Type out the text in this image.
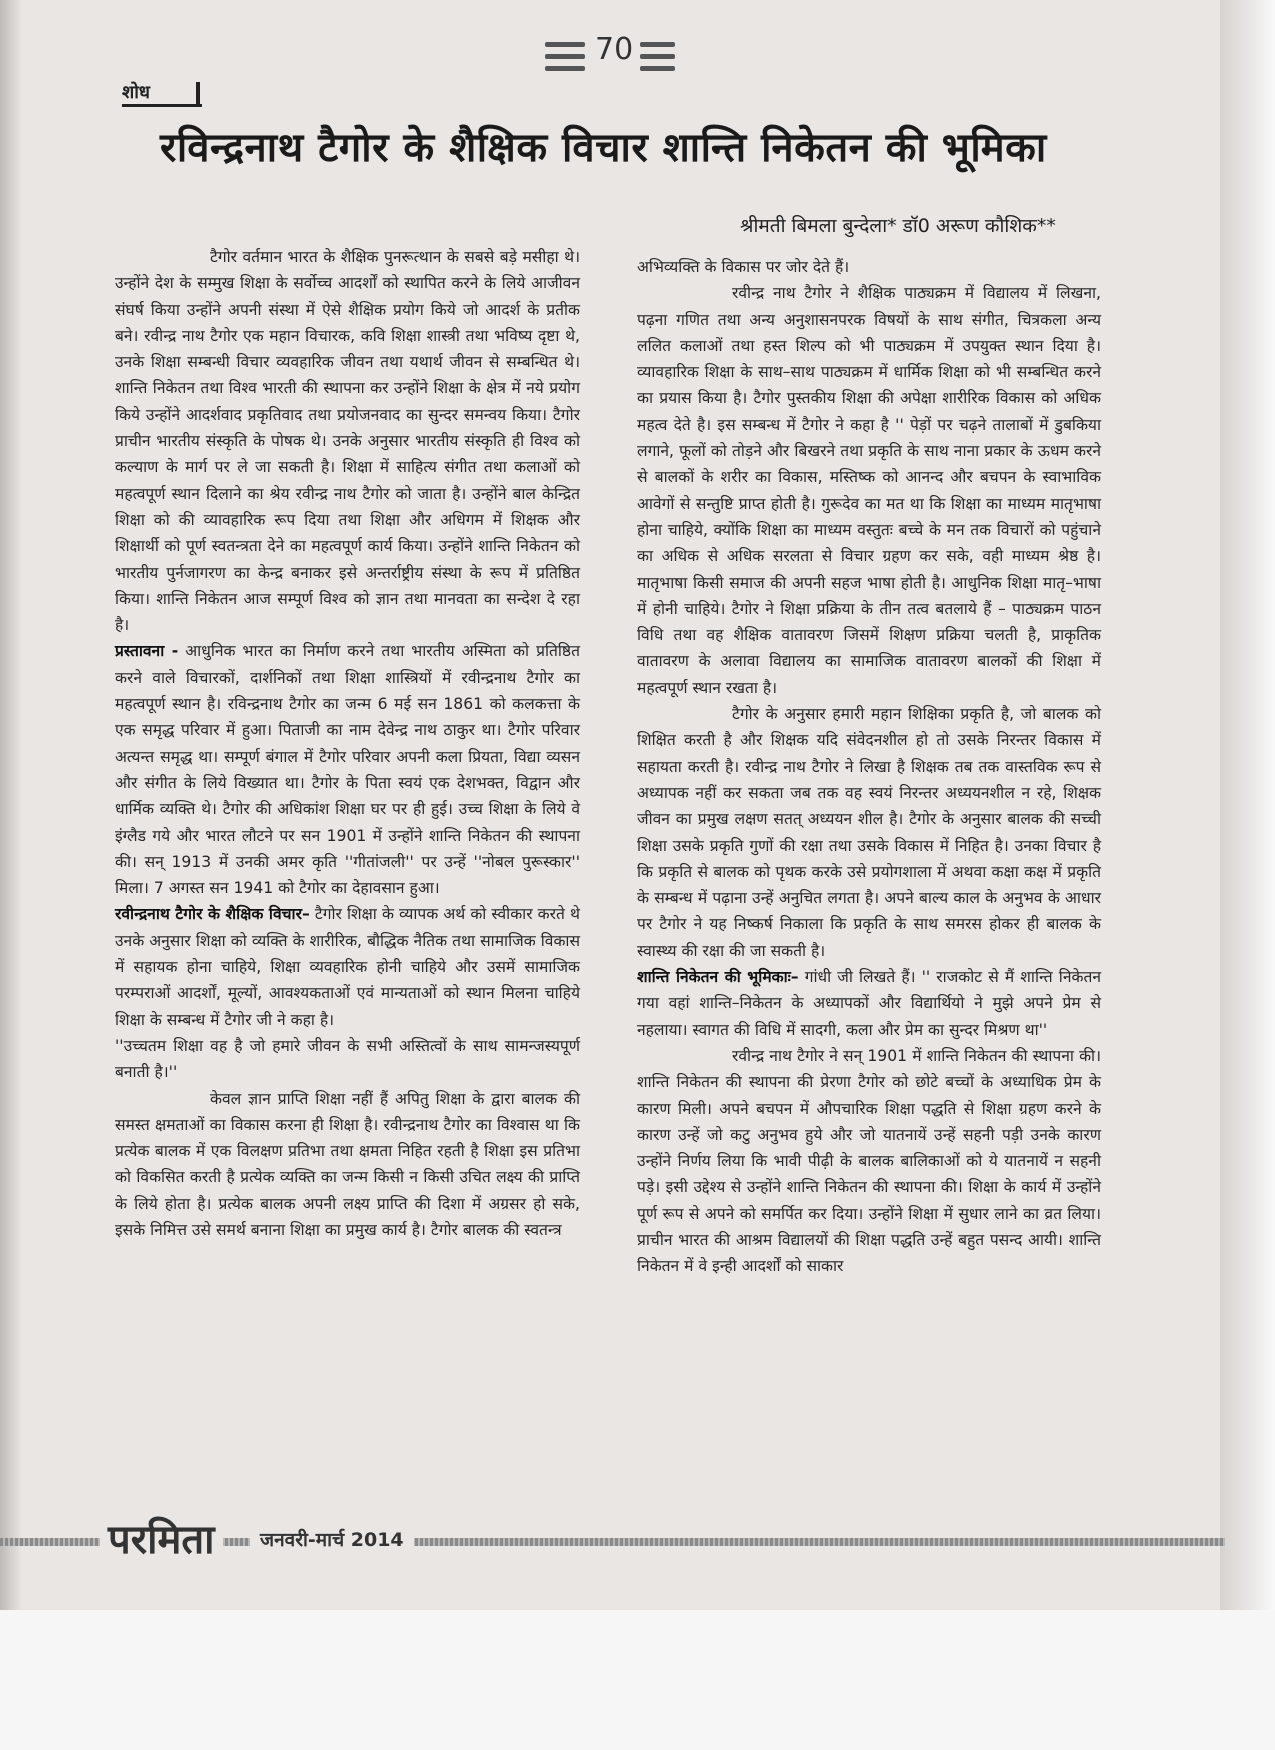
70
शोध
रविन्द्रनाथ टैगोर के शैक्षिक विचार शान्ति निकेतन की भूमिका
श्रीमती बिमला बुन्देला* डॉ0 अरूण कौशिक**

टैगोर वर्तमान भारत के शैक्षिक पुनरूत्थान के सबसे बड़े मसीहा थे। उन्होंने देश के सम्मुख शिक्षा के सर्वोच्च आदर्शों को स्थापित करने के लिये आजीवन संघर्ष किया उन्होंने अपनी संस्था में ऐसे शैक्षिक प्रयोग किये जो आदर्श के प्रतीक बने। रवीन्द्र नाथ टैगोर एक महान विचारक, कवि शिक्षा शास्त्री तथा भविष्य दृष्टा थे, उनके शिक्षा सम्बन्धी विचार व्यवहारिक जीवन तथा यथार्थ जीवन से सम्बन्धित थे। शान्ति निकेतन तथा विश्व भारती की स्थापना कर उन्होंने शिक्षा के क्षेत्र में नये प्रयोग किये उन्होंने आदर्शवाद प्रकृतिवाद तथा प्रयोजनवाद का सुन्दर समन्वय किया। टैगोर प्राचीन भारतीय संस्कृति के पोषक थे। उनके अनुसार भारतीय संस्कृति ही विश्व को कल्याण के मार्ग पर ले जा सकती है। शिक्षा में साहित्य संगीत तथा कलाओं को महत्वपूर्ण स्थान दिलाने का श्रेय रवीन्द्र नाथ टैगोर को जाता है। उन्होंने बाल केन्द्रित शिक्षा को की व्यावहारिक रूप दिया तथा शिक्षा और अधिगम में शिक्षक और शिक्षार्थी को पूर्ण स्वतन्त्रता देने का महत्वपूर्ण कार्य किया। उन्होंने शान्ति निकेतन को भारतीय पुर्नजागरण का केन्द्र बनाकर इसे अन्तर्राष्ट्रीय संस्था के रूप में प्रतिष्ठित किया। शान्ति निकेतन आज सम्पूर्ण विश्व को ज्ञान तथा मानवता का सन्देश दे रहा है।

प्रस्तावना - आधुनिक भारत का निर्माण करने तथा भारतीय अस्मिता को प्रतिष्ठित करने वाले विचारकों, दार्शनिकों तथा शिक्षा शास्त्रियों में रवीन्द्रनाथ टैगोर का महत्वपूर्ण स्थान है। रविन्द्रनाथ टैगोर का जन्म 6 मई सन 1861 को कलकत्ता के एक समृद्ध परिवार में हुआ। पिताजी का नाम देवेन्द्र नाथ ठाकुर था। टैगोर परिवार अत्यन्त समृद्ध था। सम्पूर्ण बंगाल में टैगोर परिवार अपनी कला प्रियता, विद्या व्यसन और संगीत के लिये विख्यात था। टैगोर के पिता स्वयं एक देशभक्त, विद्वान और धार्मिक व्यक्ति थे। टैगोर की अधिकांश शिक्षा घर पर ही हुई। उच्च शिक्षा के लिये वे इंग्लैड गये और भारत लौटने पर सन 1901 में उन्होंने शान्ति निकेतन की स्थापना की। सन् 1913 में उनकी अमर कृति ''गीतांजली'' पर उन्हें ''नोबल पुरूस्कार'' मिला। 7 अगस्त सन 1941 को टैगोर का देहावसान हुआ।

रवीन्द्रनाथ टैगोर के शैक्षिक विचार– टैगोर शिक्षा के व्यापक अर्थ को स्वीकार करते थे उनके अनुसार शिक्षा को व्यक्ति के शारीरिक, बौद्धिक नैतिक तथा सामाजिक विकास में सहायक होना चाहिये, शिक्षा व्यवहारिक होनी चाहिये और उसमें सामाजिक परम्पराओं आदर्शों, मूल्यों, आवश्यकताओं एवं मान्यताओं को स्थान मिलना चाहिये शिक्षा के सम्बन्ध में टैगोर जी ने कहा है।

''उच्चतम शिक्षा वह है जो हमारे जीवन के सभी अस्तित्वों के साथ सामन्जस्यपूर्ण बनाती है।''

केवल ज्ञान प्राप्ति शिक्षा नहीं हैं अपितु शिक्षा के द्वारा बालक की समस्त क्षमताओं का विकास करना ही शिक्षा है। रवीन्द्रनाथ टैगोर का विश्वास था कि प्रत्येक बालक में एक विलक्षण प्रतिभा तथा क्षमता निहित रहती है शिक्षा इस प्रतिभा को विकसित करती है प्रत्येक व्यक्ति का जन्म किसी न किसी उचित लक्ष्य की प्राप्ति के लिये होता है। प्रत्येक बालक अपनी लक्ष्य प्राप्ति की दिशा में अग्रसर हो सके, इसके निमित्त उसे समर्थ बनाना शिक्षा का प्रमुख कार्य है। टैगोर बालक की स्वतन्त्र

अभिव्यक्ति के विकास पर जोर देते हैं।

रवीन्द्र नाथ टैगोर ने शैक्षिक पाठ्यक्रम में विद्यालय में लिखना, पढ़ना गणित तथा अन्य अनुशासनपरक विषयों के साथ संगीत, चित्रकला अन्य ललित कलाओं तथा हस्त शिल्प को भी पाठ्यक्रम में उपयुक्त स्थान दिया है। व्यावहारिक शिक्षा के साथ–साथ पाठ्यक्रम में धार्मिक शिक्षा को भी सम्बन्धित करने का प्रयास किया है। टैगोर पुस्तकीय शिक्षा की अपेक्षा शारीरिक विकास को अधिक महत्व देते है। इस सम्बन्ध में टैगोर ने कहा है '' पेड़ों पर चढ़ने तालाबों में डुबकिया लगाने, फूलों को तोड़ने और बिखरने तथा प्रकृति के साथ नाना प्रकार के ऊधम करने से बालकों के शरीर का विकास, मस्तिष्क को आनन्द और बचपन के स्वाभाविक आवेगों से सन्तुष्टि प्राप्त होती है। गुरूदेव का मत था कि शिक्षा का माध्यम मातृभाषा होना चाहिये, क्योंकि शिक्षा का माध्यम वस्तुतः बच्चे के मन तक विचारों को पहुंचाने का अधिक से अधिक सरलता से विचार ग्रहण कर सके, वही माध्यम श्रेष्ठ है। मातृभाषा किसी समाज की अपनी सहज भाषा होती है। आधुनिक शिक्षा मातृ–भाषा में होनी चाहिये। टैगोर ने शिक्षा प्रक्रिया के तीन तत्व बतलाये हैं – पाठ्यक्रम पाठन विधि तथा वह शैक्षिक वातावरण जिसमें शिक्षण प्रक्रिया चलती है, प्राकृतिक वातावरण के अलावा विद्यालय का सामाजिक वातावरण बालकों की शिक्षा में महत्वपूर्ण स्थान रखता है।

टैगोर के अनुसार हमारी महान शिक्षिका प्रकृति है, जो बालक को शिक्षित करती है और शिक्षक यदि संवेदनशील हो तो उसके निरन्तर विकास में सहायता करती है। रवीन्द्र नाथ टैगोर ने लिखा है शिक्षक तब तक वास्तविक रूप से अध्यापक नहीं कर सकता जब तक वह स्वयं निरन्तर अध्ययनशील न रहे, शिक्षक जीवन का प्रमुख लक्षण सतत् अध्ययन शील है। टैगोर के अनुसार बालक की सच्ची शिक्षा उसके प्रकृति गुणों की रक्षा तथा उसके विकास में निहित है। उनका विचार है कि प्रकृति से बालक को पृथक करके उसे प्रयोगशाला में अथवा कक्षा कक्ष में प्रकृति के सम्बन्ध में पढ़ाना उन्हें अनुचित लगता है। अपने बाल्य काल के अनुभव के आधार पर टैगोर ने यह निष्कर्ष निकाला कि प्रकृति के साथ समरस होकर ही बालक के स्वास्थ्य की रक्षा की जा सकती है।

शान्ति निकेतन की भूमिकाः– गांधी जी लिखते हैं। '' राजकोट से मैं शान्ति निकेतन गया वहां शान्ति–निकेतन के अध्यापकों और विद्यार्थियो ने मुझे अपने प्रेम से नहलाया। स्वागत की विधि में सादगी, कला और प्रेम का सुन्दर मिश्रण था''

रवीन्द्र नाथ टैगोर ने सन् 1901 में शान्ति निकेतन की स्थापना की। शान्ति निकेतन की स्थापना की प्रेरणा टैगोर को छोटे बच्चों के अध्याधिक प्रेम के कारण मिली। अपने बचपन में औपचारिक शिक्षा पद्धति से शिक्षा ग्रहण करने के कारण उन्हें जो कटु अनुभव हुये और जो यातनायें उन्हें सहनी पड़ी उनके कारण उन्होंने निर्णय लिया कि भावी पीढ़ी के बालक बालिकाओं को ये यातनायें न सहनी पड़े। इसी उद्देश्य से उन्होंने शान्ति निकेतन की स्थापना की। शिक्षा के कार्य में उन्होंने पूर्ण रूप से अपने को समर्पित कर दिया। उन्होंने शिक्षा में सुधार लाने का व्रत लिया। प्राचीन भारत की आश्रम विद्यालयों की शिक्षा पद्धति उन्हें बहुत पसन्द आयी। शान्ति निकेतन में वे इन्ही आदर्शों को साकार

परमिता	जनवरी-मार्च 2014
